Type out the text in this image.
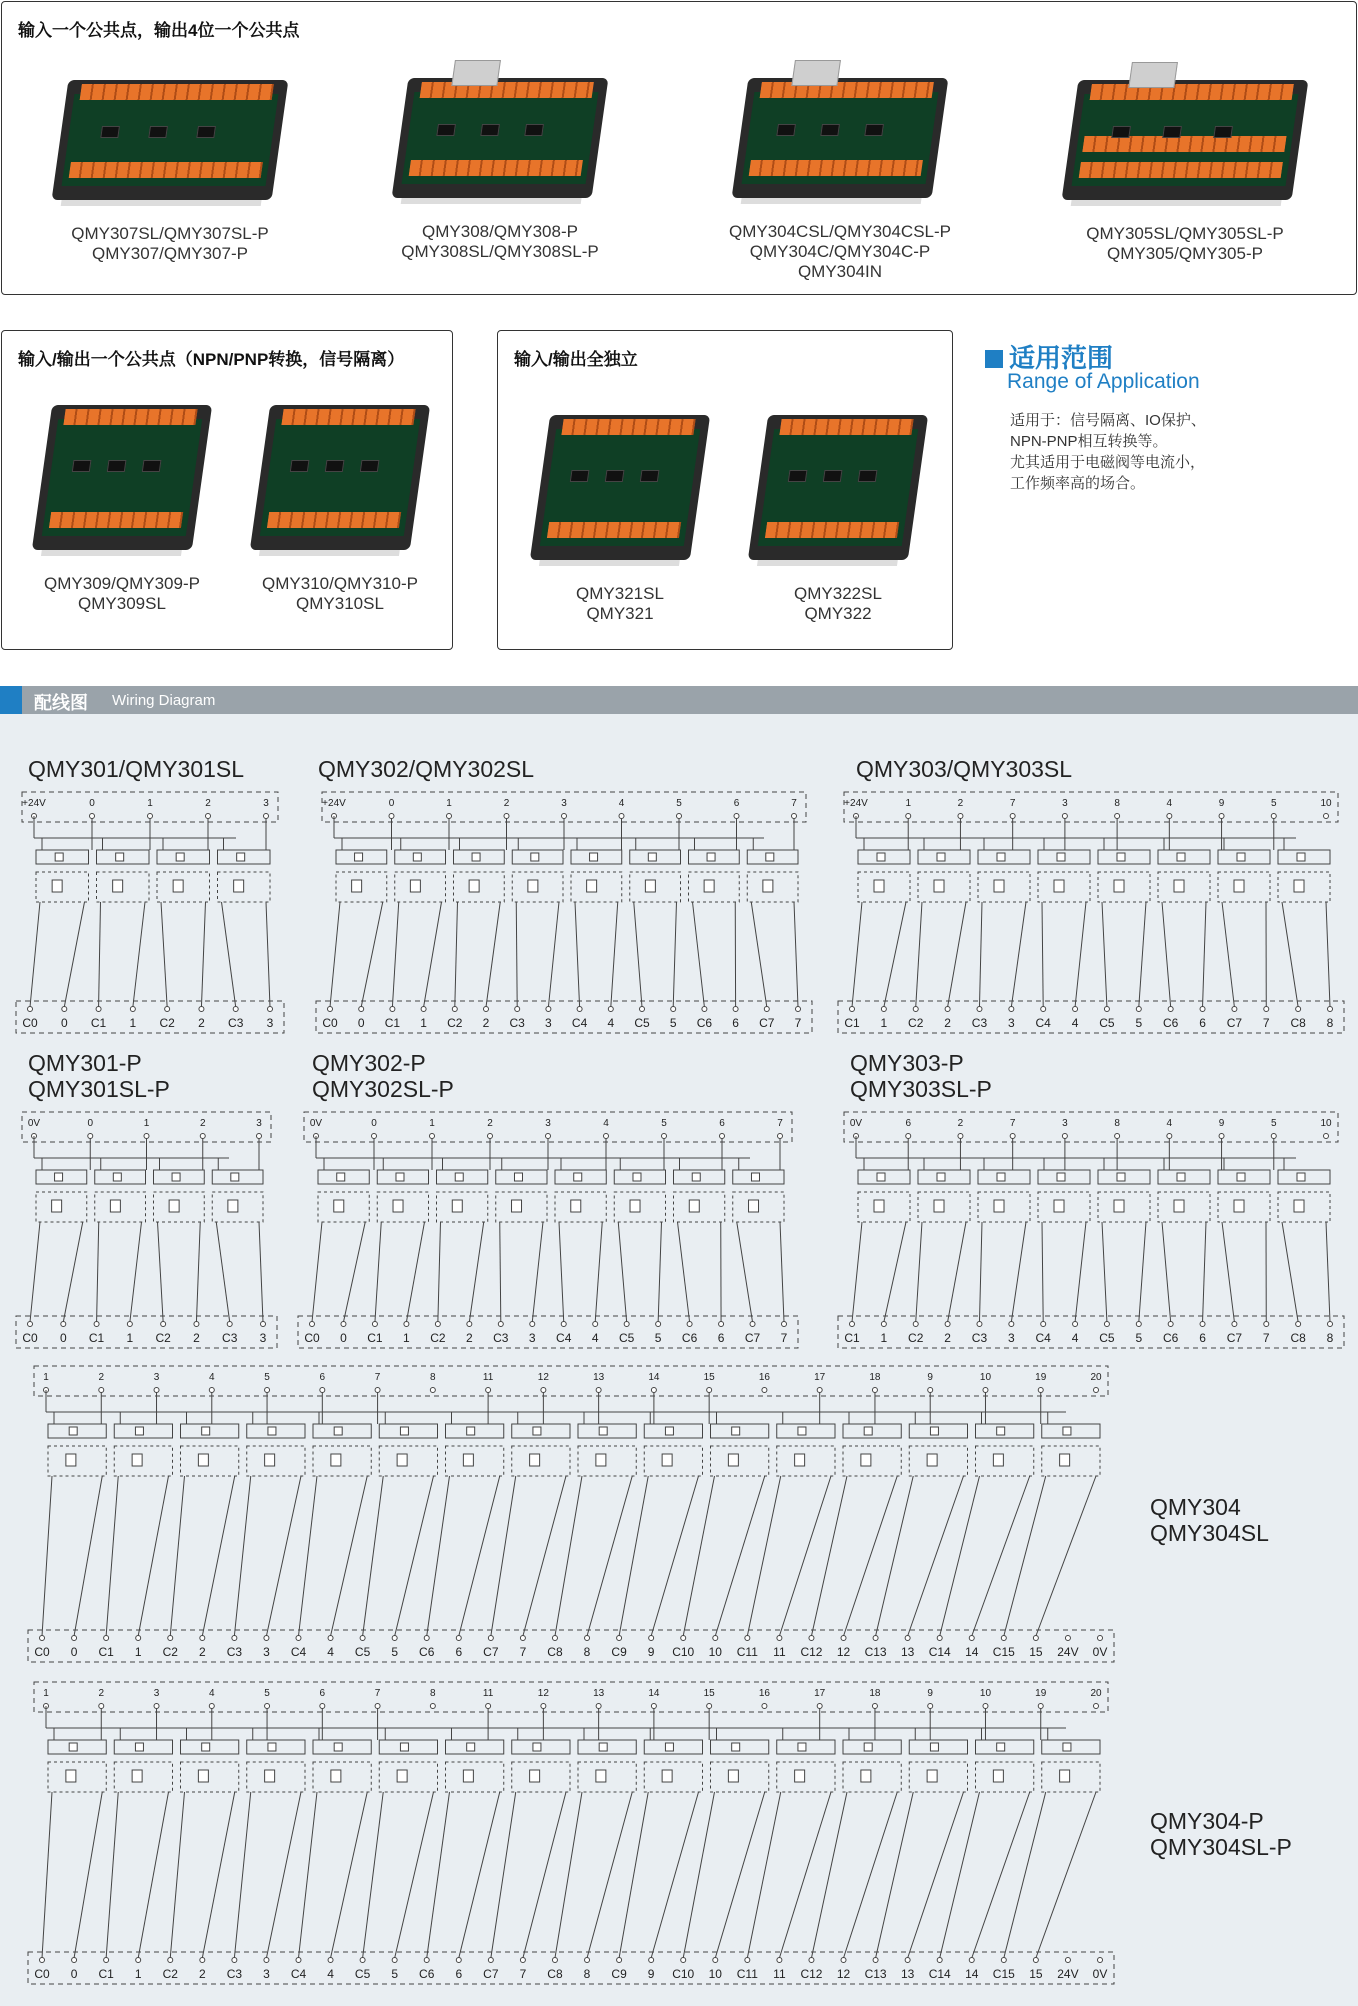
输入一个公共点，输出4位一个公共点
输入/输出一个公共点（NPN/PNP转换，信号隔离）	输入/输出全独立
QMY307SL/QMY307SL-P
QMY307/QMY307-P
QMY308/QMY308-P
QMY308SL/QMY308SL-P
QMY304CSL/QMY304CSL-P
QMY304C/QMY304C-P
QMY304IN
QMY305SL/QMY305SL-P
QMY305/QMY305-P
QMY309/QMY309-P
QMY309SL
QMY310/QMY310-P
QMY310SL
QMY321SL
QMY321
QMY322SL
QMY322
适用范围
Range of Application
适用于：信号隔离、IO保护、
NPN-PNP相互转换等。
尤其适用于电磁阀等电流小，
工作频率高的场合。
配线图 Wiring Diagram
QMY301/QMY301SL
+24V	0	1	2	3
C0 0 C1 1 C2 2 C3 3
QMY302/QMY302SL
+24V	0	1	2	3	4	5	6	7
C0 0 C1 1 C2 2 C3 3 C4 4 C5 5 C6 6 C7 7
QMY303/QMY303SL
+24V	1	2	7	3	8	4	9	5	10
C1 1 C2 2 C3 3 C4 4 C5 5 C6 6 C7 7 C8 8
QMY301-P
QMY301SL-P
0V	0	1	2	3
C0 0 C1 1 C2 2 C3 3
QMY302-P
QMY302SL-P
0V	0	1	2	3	4	5	6	7
C0 0 C1 1 C2 2 C3 3 C4 4 C5 5 C6 6 C7 7
QMY303-P
QMY303SL-P
0V	6	2	7	3	8	4	9	5	10
C1 1 C2 2 C3 3 C4 4 C5 5 C6 6 C7 7 C8 8
QMY304
QMY304SL
1	2	3	4	5	6	7	8	11	12	13	14	15	16	17	18	9	10	19	20
C0 0 C1 1 C2 2 C3 3 C4 4 C5 5 C6 6 C7 7 C8 8 C9 9 C10 10 C11 11 C12 12 C13 13 C14 14 C15 15 24V 0V
QMY304-P
QMY304SL-P
1	2	3	4	5	6	7	8	11	12	13	14	15	16	17	18	9	10	19	20
C0 0 C1 1 C2 2 C3 3 C4 4 C5 5 C6 6 C7 7 C8 8 C9 9 C10 10 C11 11 C12 12 C13 13 C14 14 C15 15 24V 0V
